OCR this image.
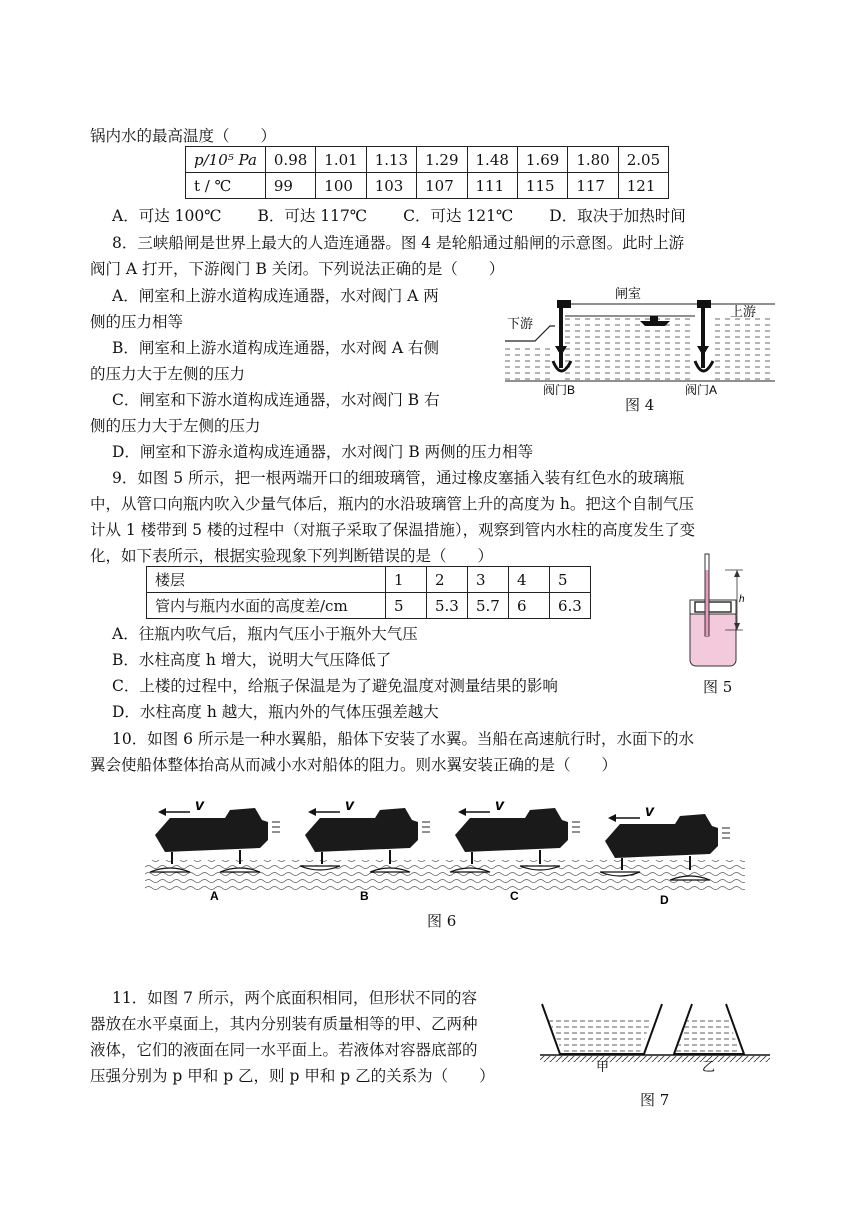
锅内水的最高温度（　　）
p/10⁵ Pa	0.98	1.01	1.13	1.29	1.48	1.69	1.80	2.05
t / ℃	99	100	103	107	111	115	117	121
A．可达 100℃　　 B．可达 117℃　　 C．可达 121℃　　 D．取决于加热时间
8．三峡船闸是世界上最大的人造连通器。图 4 是轮船通过船闸的示意图。此时上游
阀门 A 打开，下游阀门 B 关闭。下列说法正确的是（　　）
A．闸室和上游水道构成连通器，水对阀门 A 两
侧的压力相等
B．闸室和上游水道构成连通器，水对阀 A 右侧
的压力大于左侧的压力
C．闸室和下游水道构成连通器，水对阀门 B 右
侧的压力大于左侧的压力
D．闸室和下游永道构成连通器，水对阀门 B 两侧的压力相等
闸室
上游
下游
阀门B	阀门A
图 4
9．如图 5 所示，把一根两端开口的细玻璃管，通过橡皮塞插入装有红色水的玻璃瓶
中，从管口向瓶内吹入少量气体后，瓶内的水沿玻璃管上升的高度为 h。把这个自制气压
计从 1 楼带到 5 楼的过程中（对瓶子采取了保温措施），观察到管内水柱的高度发生了变
化，如下表所示，根据实验现象下列判断错误的是（　　）
楼层	1	2	3	4	5
管内与瓶内水面的高度差/cm	5	5.3	5.7	6	6.3
A．往瓶内吹气后，瓶内气压小于瓶外大气压
B．水柱高度 h 增大，说明大气压降低了
C．上楼的过程中，给瓶子保温是为了避免温度对测量结果的影响
D．水柱高度 h 越大，瓶内外的气体压强差越大
h
图 5
10．如图 6 所示是一种水翼船，船体下安装了水翼。当船在高速航行时，水面下的水
翼会使船体整体抬高从而减小水对船体的阻力。则水翼安装正确的是（　　）
v	v	v	v
A	B	C	D
图 6
11．如图 7 所示，两个底面积相同，但形状不同的容
器放在水平桌面上，其内分别装有质量相等的甲、乙两种
液体，它们的液面在同一水平面上。若液体对容器底部的
压强分别为 p 甲和 p 乙，则 p 甲和 p 乙的关系为（　　）
甲	乙
图 7
